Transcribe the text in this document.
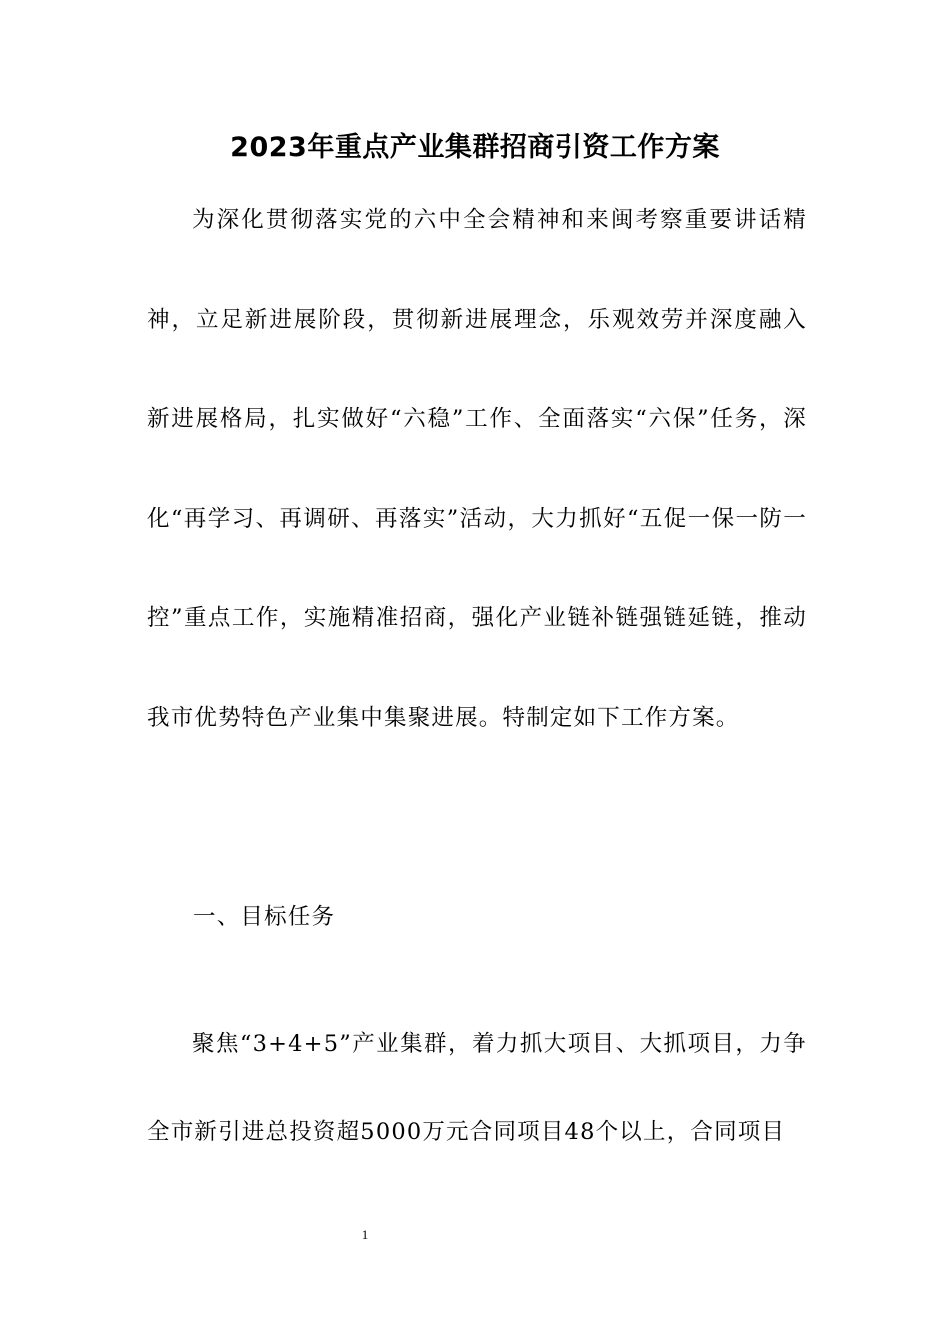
2023年重点产业集群招商引资工作方案

为深化贯彻落实党的六中全会精神和来闽考察重要讲话精神，立足新进展阶段，贯彻新进展理念，乐观效劳并深度融入新进展格局，扎实做好“六稳”工作、全面落实“六保”任务，深化“再学习、再调研、再落实”活动，大力抓好“五促一保一防一控”重点工作，实施精准招商，强化产业链补链强链延链，推动我市优势特色产业集中集聚进展。特制定如下工作方案。

一、目标任务

聚焦“3+4+5”产业集群，着力抓大项目、大抓项目，力争全市新引进总投资超5000万元合同项目48个以上，合同项目

1
